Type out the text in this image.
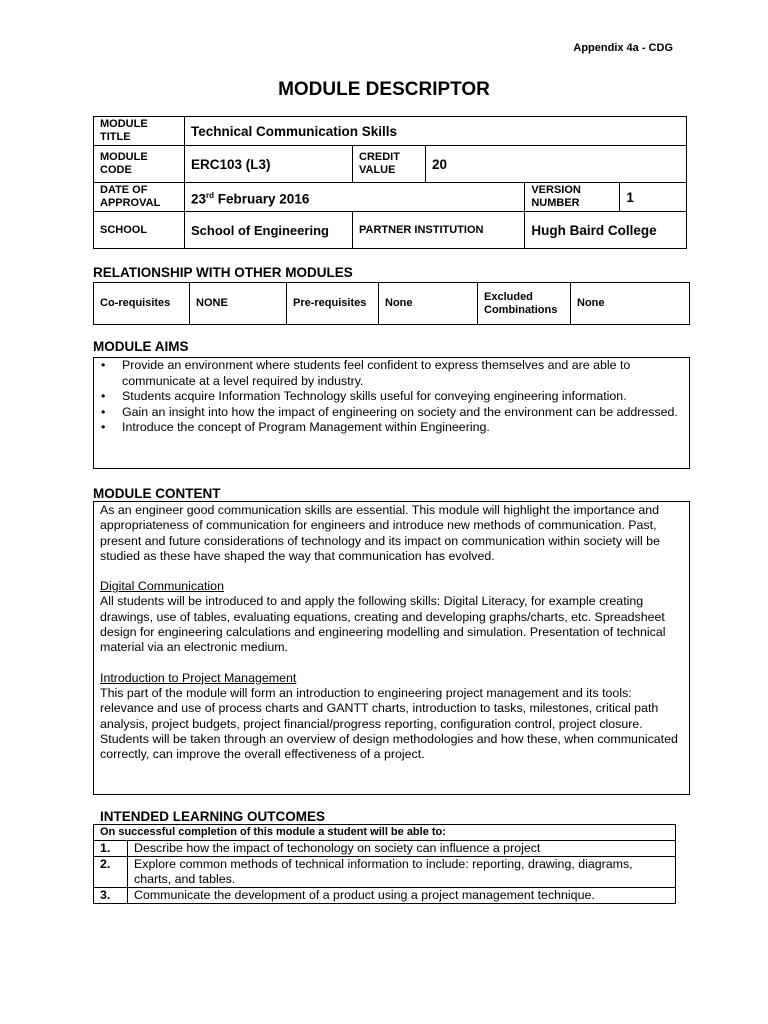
Appendix 4a - CDG
MODULE DESCRIPTOR
MODULE TITLE	Technical Communication Skills				
MODULE CODE	ERC103 (L3)	CREDIT VALUE	20		
DATE OF APPROVAL	23rd February 2016			VERSION NUMBER	1
SCHOOL	School of Engineering	PARTNER INSTITUTION		Hugh Baird College	
RELATIONSHIP WITH OTHER MODULES
Co-requisites	NONE	Pre-requisites	None	Excluded Combinations	None
MODULE AIMS
• Provide an environment where students feel confident to express themselves and are able to communicate at a level required by industry.
• Students acquire Information Technology skills useful for conveying engineering information.
• Gain an insight into how the impact of engineering on society and the environment can be addressed.
• Introduce the concept of Program Management within Engineering.
MODULE CONTENT

As an engineer good communication skills are essential. This module will highlight the importance and appropriateness of communication for engineers and introduce new methods of communication. Past, present and future considerations of technology and its impact on communication within society will be studied as these have shaped the way that communication has evolved.

Digital Communication

All students will be introduced to and apply the following skills: Digital Literacy, for example creating drawings, use of tables, evaluating equations, creating and developing graphs/charts, etc. Spreadsheet design for engineering calculations and engineering modelling and simulation. Presentation of technical material via an electronic medium.

Introduction to Project Management

This part of the module will form an introduction to engineering project management and its tools: relevance and use of process charts and GANTT charts, introduction to tasks, milestones, critical path analysis, project budgets, project financial/progress reporting, configuration control, project closure. Students will be taken through an overview of design methodologies and how these, when communicated correctly, can improve the overall effectiveness of a project.

INTENDED LEARNING OUTCOMES
On successful completion of this module a student will be able to:	
1.	Describe how the impact of techonology on society can influence a project
2.	Explore common methods of technical information to include: reporting, drawing, diagrams, charts, and tables.
3.	Communicate the development of a product using a project management technique.
